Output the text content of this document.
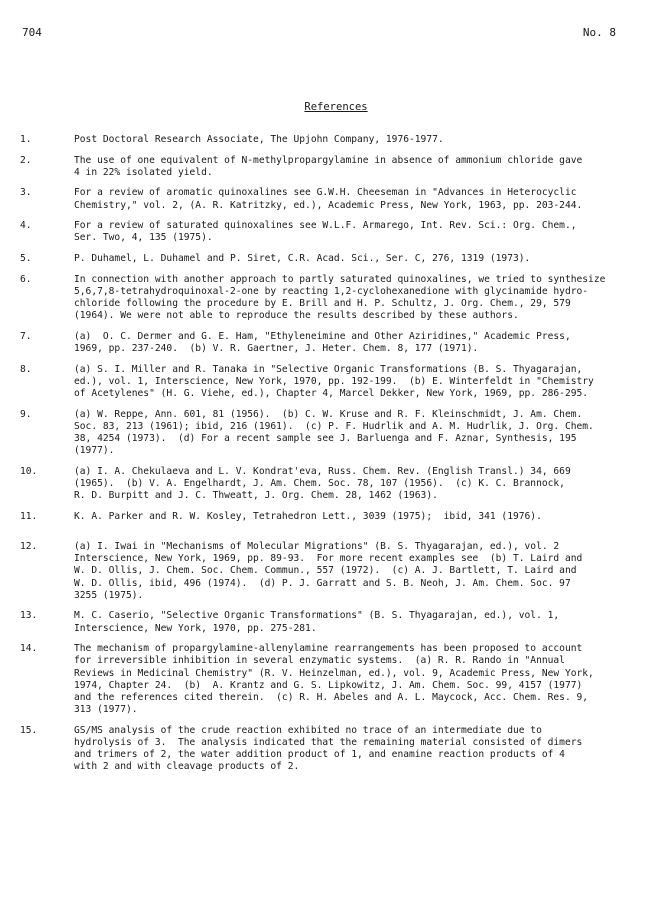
704	No. 8
References
1.	Post Doctoral Research Associate, The Upjohn Company, 1976-1977.
2.	The use of one equivalent of N-methylpropargylamine in absence of ammonium chloride gave
4 in 22% isolated yield.
3.	For a review of aromatic quinoxalines see G.W.H. Cheeseman in "Advances in Heterocyclic
Chemistry," vol. 2, (A. R. Katritzky, ed.), Academic Press, New York, 1963, pp. 203-244.
4.	For a review of saturated quinoxalines see W.L.F. Armarego, Int. Rev. Sci.: Org. Chem.,
Ser. Two, 4, 135 (1975).
5.	P. Duhamel, L. Duhamel and P. Siret, C.R. Acad. Sci., Ser. C, 276, 1319 (1973).
6.	In connection with another approach to partly saturated quinoxalines, we tried to synthesize
5,6,7,8-tetrahydroquinoxal-2-one by reacting 1,2-cyclohexanedione with glycinamide hydro-
chloride following the procedure by E. Brill and H. P. Schultz, J. Org. Chem., 29, 579
(1964). We were not able to reproduce the results described by these authors.
7.	(a)  O. C. Dermer and G. E. Ham, "Ethyleneimine and Other Aziridines," Academic Press,
1969, pp. 237-240.  (b) V. R. Gaertner, J. Heter. Chem. 8, 177 (1971).
8.	(a) S. I. Miller and R. Tanaka in "Selective Organic Transformations (B. S. Thyagarajan,
ed.), vol. 1, Interscience, New York, 1970, pp. 192-199.  (b) E. Winterfeldt in "Chemistry
of Acetylenes" (H. G. Viehe, ed.), Chapter 4, Marcel Dekker, New York, 1969, pp. 286-295.
9.	(a) W. Reppe, Ann. 601, 81 (1956).  (b) C. W. Kruse and R. F. Kleinschmidt, J. Am. Chem.
Soc. 83, 213 (1961); ibid, 216 (1961).  (c) P. F. Hudrlik and A. M. Hudrlik, J. Org. Chem.
38, 4254 (1973).  (d) For a recent sample see J. Barluenga and F. Aznar, Synthesis, 195
(1977).
10.	(a) I. A. Chekulaeva and L. V. Kondrat'eva, Russ. Chem. Rev. (English Transl.) 34, 669
(1965).  (b) V. A. Engelhardt, J. Am. Chem. Soc. 78, 107 (1956).  (c) K. C. Brannock,
R. D. Burpitt and J. C. Thweatt, J. Org. Chem. 28, 1462 (1963).
11.	K. A. Parker and R. W. Kosley, Tetrahedron Lett., 3039 (1975);  ibid, 341 (1976).
12.	(a) I. Iwai in "Mechanisms of Molecular Migrations" (B. S. Thyagarajan, ed.), vol. 2
Interscience, New York, 1969, pp. 89-93.  For more recent examples see  (b) T. Laird and
W. D. Ollis, J. Chem. Soc. Chem. Commun., 557 (1972).  (c) A. J. Bartlett, T. Laird and
W. D. Ollis, ibid, 496 (1974).  (d) P. J. Garratt and S. B. Neoh, J. Am. Chem. Soc. 97
3255 (1975).
13.	M. C. Caserio, "Selective Organic Transformations" (B. S. Thyagarajan, ed.), vol. 1,
Interscience, New York, 1970, pp. 275-281.
14.	The mechanism of propargylamine-allenylamine rearrangements has been proposed to account
for irreversible inhibition in several enzymatic systems.  (a) R. R. Rando in "Annual
Reviews in Medicinal Chemistry" (R. V. Heinzelman, ed.), vol. 9, Academic Press, New York,
1974, Chapter 24.  (b)  A. Krantz and G. S. Lipkowitz, J. Am. Chem. Soc. 99, 4157 (1977)
and the references cited therein.  (c) R. H. Abeles and A. L. Maycock, Acc. Chem. Res. 9,
313 (1977).
15.	GS/MS analysis of the crude reaction exhibited no trace of an intermediate due to
hydrolysis of 3.  The analysis indicated that the remaining material consisted of dimers
and trimers of 2, the water addition product of 1, and enamine reaction products of 4
with 2 and with cleavage products of 2.
